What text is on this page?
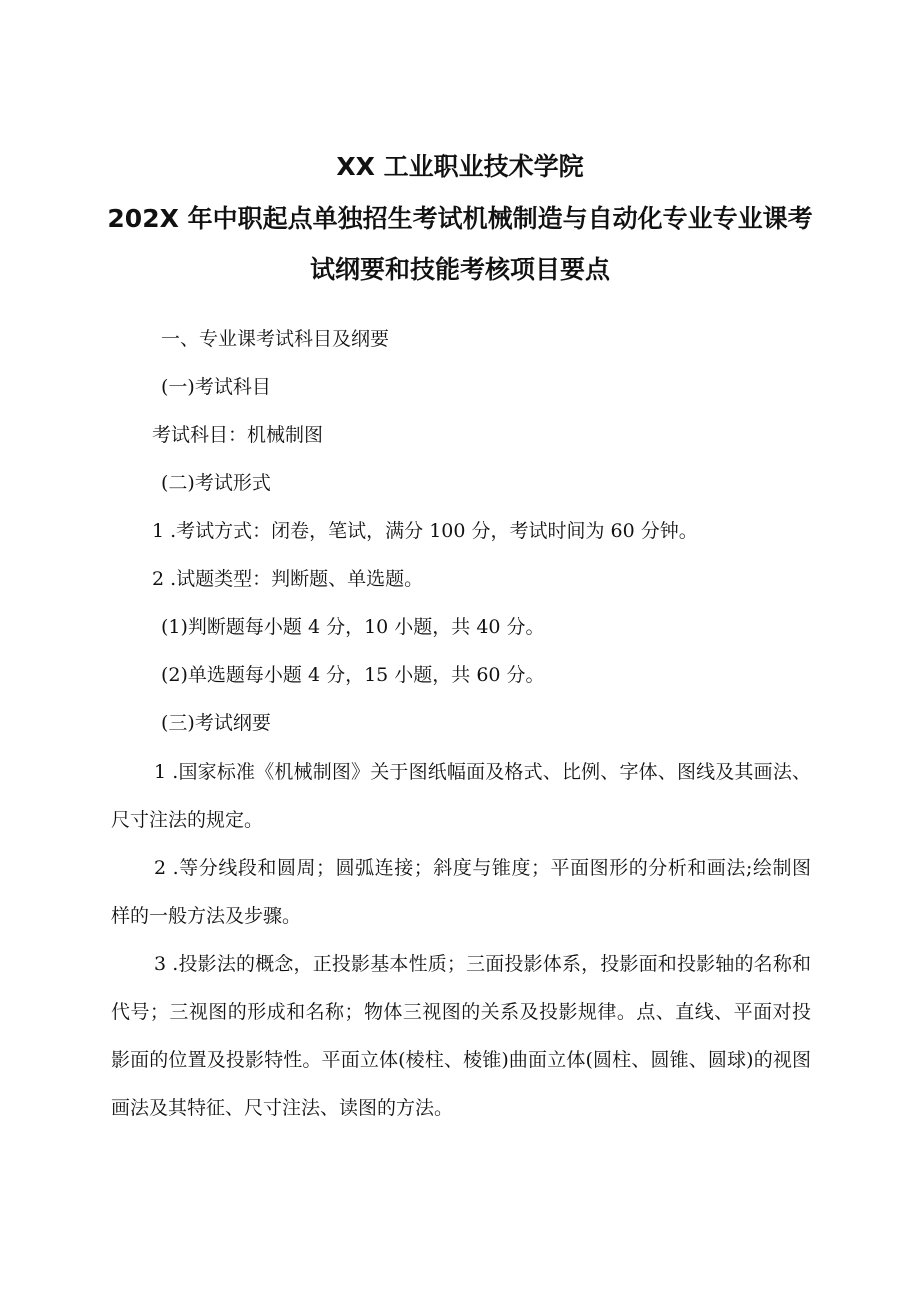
XX 工业职业技术学院
202X 年中职起点单独招生考试机械制造与自动化专业专业课考
试纲要和技能考核项目要点
一、专业课考试科目及纲要
(一)考试科目
考试科目：机械制图
(二)考试形式
1 .考试方式：闭卷，笔试，满分 100 分，考试时间为 60 分钟。
2 .试题类型：判断题、单选题。
(1)判断题每小题 4 分，10 小题，共 40 分。
(2)单选题每小题 4 分，15 小题，共 60 分。
(三)考试纲要
1 .国家标准《机械制图》关于图纸幅面及格式、比例、字体、图线及其画法、尺寸注法的规定。
2 .等分线段和圆周；圆弧连接；斜度与锥度；平面图形的分析和画法;绘制图样的一般方法及步骤。
3 .投影法的概念，正投影基本性质；三面投影体系，投影面和投影轴的名称和代号；三视图的形成和名称；物体三视图的关系及投影规律。点、直线、平面对投影面的位置及投影特性。平面立体(棱柱、棱锥)曲面立体(圆柱、圆锥、圆球)的视图画法及其特征、尺寸注法、读图的方法。
